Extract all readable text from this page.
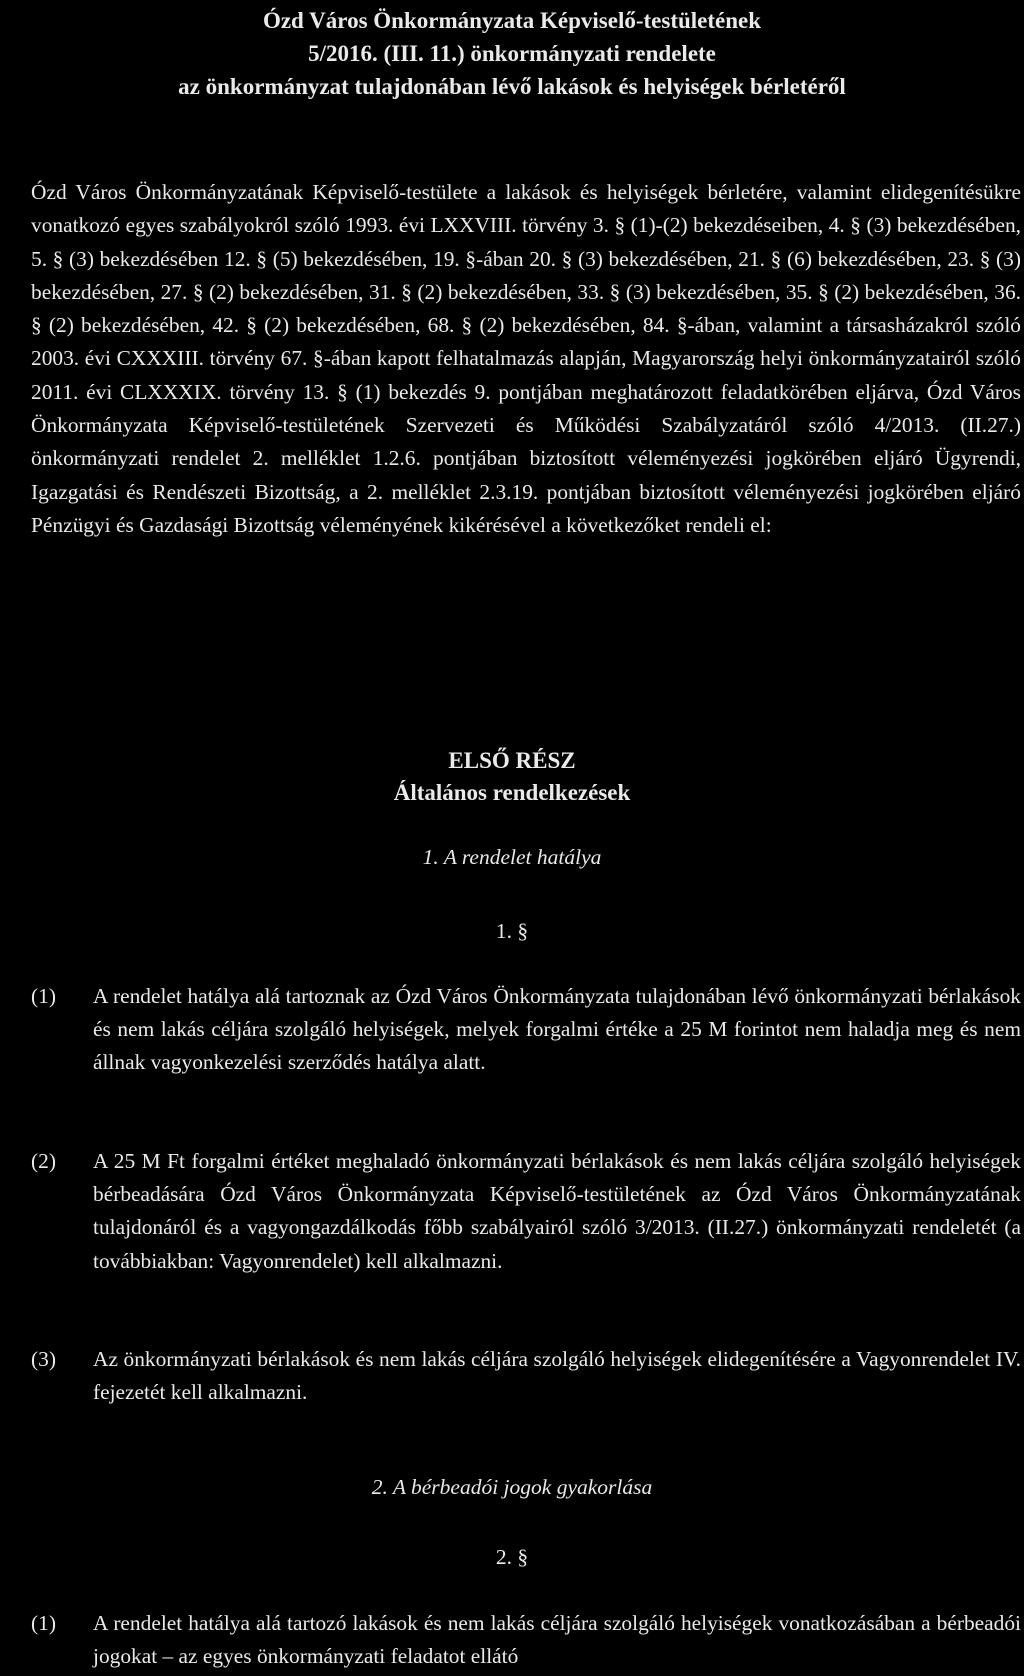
Ózd Város Önkormányzata Képviselő-testületének
5/2016. (III. 11.) önkormányzati rendelete
az önkormányzat tulajdonában lévő lakások és helyiségek bérletéről
Ózd Város Önkormányzatának Képviselő-testülete a lakások és helyiségek bérletére, valamint elidegenítésükre vonatkozó egyes szabályokról szóló 1993. évi LXXVIII. törvény 3. § (1)-(2) bekezdéseiben, 4. § (3) bekezdésében, 5. § (3) bekezdésében 12. § (5) bekezdésében, 19. §-ában 20. § (3) bekezdésében, 21. § (6) bekezdésében, 23. § (3) bekezdésében, 27. § (2) bekezdésében, 31. § (2) bekezdésében, 33. § (3) bekezdésében, 35. § (2) bekezdésében, 36. § (2) bekezdésében, 42. § (2) bekezdésében, 68. § (2) bekezdésében, 84. §-ában, valamint a társasházakról szóló 2003. évi CXXXIII. törvény 67. §-ában kapott felhatalmazás alapján, Magyarország helyi önkormányzatairól szóló 2011. évi CLXXXIX. törvény 13. § (1) bekezdés 9. pontjában meghatározott feladatkörében eljárva, Ózd Város Önkormányzata Képviselő-testületének Szervezeti és Működési Szabályzatáról szóló 4/2013. (II.27.) önkormányzati rendelet 2. melléklet 1.2.6. pontjában biztosított véleményezési jogkörében eljáró Ügyrendi, Igazgatási és Rendészeti Bizottság, a 2. melléklet 2.3.19. pontjában biztosított véleményezési jogkörében eljáró Pénzügyi és Gazdasági Bizottság véleményének kikérésével a következőket rendeli el:
ELSŐ RÉSZ
Általános rendelkezések
1. A rendelet hatálya
1. §
(1)	A rendelet hatálya alá tartoznak az Ózd Város Önkormányzata tulajdonában lévő önkormányzati bérlakások és nem lakás céljára szolgáló helyiségek, melyek forgalmi értéke a 25 M forintot nem haladja meg és nem állnak vagyonkezelési szerződés hatálya alatt.
(2)	A 25 M Ft forgalmi értéket meghaladó önkormányzati bérlakások és nem lakás céljára szolgáló helyiségek bérbeadására Ózd Város Önkormányzata Képviselő-testületének az Ózd Város Önkormányzatának tulajdonáról és a vagyongazdálkodás főbb szabályairól szóló 3/2013. (II.27.) önkormányzati rendeletét (a továbbiakban: Vagyonrendelet) kell alkalmazni.
(3)	Az önkormányzati bérlakások és nem lakás céljára szolgáló helyiségek elidegenítésére a Vagyonrendelet IV. fejezetét kell alkalmazni.
2. A bérbeadói jogok gyakorlása
2. §
(1)	A rendelet hatálya alá tartozó lakások és nem lakás céljára szolgáló helyiségek vonatkozásában a bérbeadói jogokat – az egyes önkormányzati feladatot ellátó
